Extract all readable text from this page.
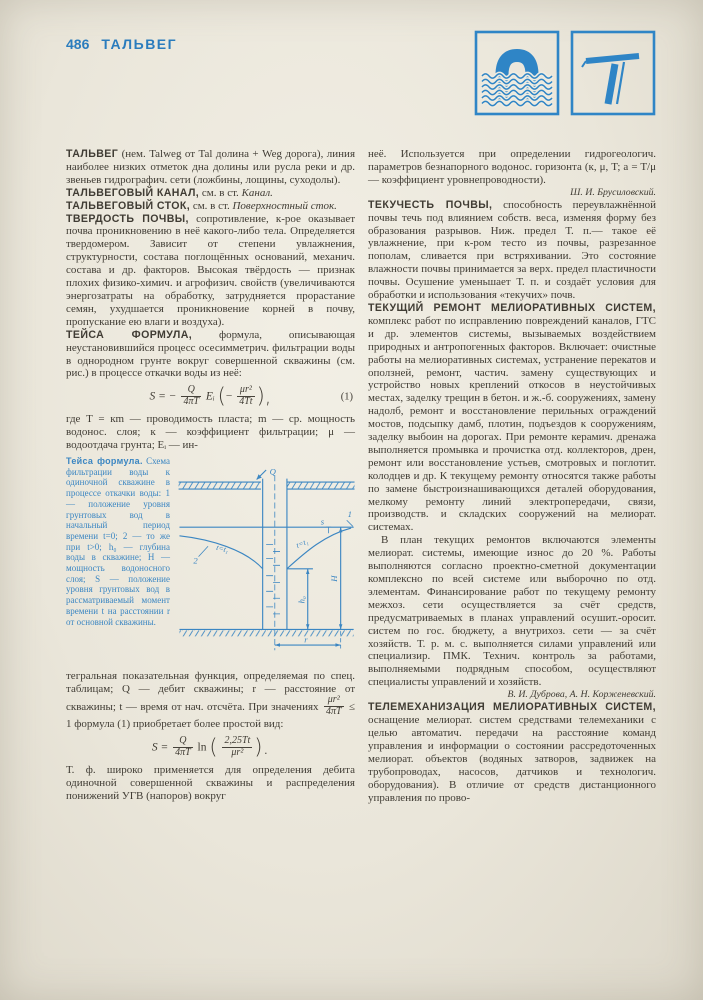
486 ТАЛЬВЕГ

ТАЛЬВЕГ (нем. Talweg от Tal долина + Weg дорога), линия наиболее низких отметок дна долины или русла реки и др. звеньев гидрографич. сети (ложбины, лощины, суходолы).

ТАЛЬВЕГОВЫЙ КАНАЛ, см. в ст. Канал.

ТАЛЬВЕГОВЫЙ СТОК, см. в ст. Поверхностный сток.

ТВЕРДОСТЬ ПОЧВЫ, сопротивление, к-рое оказывает почва проникновению в неё какого-либо тела. Определяется твердомером. Зависит от степени увлажнения, структурности, состава поглощённых оснований, механич. состава и др. факторов. Высокая твёрдость — признак плохих физико-химич. и агрофизич. свойств (увеличиваются энергозатраты на обработку, затрудняется прорастание семян, ухудшается проникновение корней в почву, пропускание ею влаги и воздуха).

ТЕЙСА ФОРМУЛА, формула, описывающая неустановившийся процесс осесимметрич. фильтрации воды в однородном грунте вокруг совершенной скважины (см. рис.) в процессе откачки воды из неё:

S = − $\frac{Q}{4\pi T}$ Eᵢ (− $\frac{\text{μr²}}{4Tt}$ ),	(1)

где T = кm — проводимость пласта; m — ср. мощность водонос. слоя; к — коэффициент фильтрации; μ — водоотдача грунта; Eᵢ — ин-

Тейса формула. Схема фильтрации воды к одиночной скважине в процессе откачки воды: 1 — положение уровня грунтовых вод в начальный период времени t=0; 2 — то же при t>0; h₀ — глубина воды в скважине; H — мощность водоносного слоя; S — положение уровня грунтовых вод в рассматриваемый момент времени t на расстоянии r от основной скважины.
Q
1
2
t=t₁	t=t₁
s
H
h₀
r

тегральная показательная функция, определяемая по спец. таблицам; Q — дебит скважины; r — расстояние от скважины; t — время от нач. отсчёта. При значениях $\frac{\text{μr²}}{4\pi T} \le 1$ формула (1) приобретает более простой вид:

$S = \frac{Q}{4\pi T}$ ln ( $\frac{2,25Tt}{\text{μr²}}$ ).

Т. ф. широко применяется для определения дебита одиночной совершенной скважины и распределения понижений УГВ (напоров) вокруг

неё. Используется при определении гидрогеологич. параметров безнапорного водонос. горизонта (к, μ, T; a = T/μ — коэффициент уровнепроводности).

Ш. И. Брусиловский.

ТЕКУЧЕСТЬ ПОЧВЫ, способность переувлажнённой почвы течь под влиянием собств. веса, изменяя форму без образования разрывов. Ниж. предел Т. п.— такое её увлажнение, при к-ром тесто из почвы, разрезанное пополам, сливается при встряхивании. Это состояние влажности почвы принимается за верх. предел пластичности почвы. Осушение уменьшает Т. п. и создаёт условия для обработки и использования «текучих» почв.

ТЕКУЩИЙ РЕМОНТ МЕЛИОРАТИВНЫХ СИСТЕМ, комплекс работ по исправлению повреждений каналов, ГТС и др. элементов системы, вызываемых воздействием природных и антропогенных факторов. Включает: очистные работы на мелиоративных системах, устранение перекатов и оползней, ремонт, частич. замену существующих и устройство новых креплений откосов в неустойчивых местах, заделку трещин в бетон. и ж.-б. сооружениях, замену надолб, ремонт и восстановление перильных ограждений мостов, подсыпку дамб, плотин, подъездов к сооружениям, заделку выбоин на дорогах. При ремонте керамич. дренажа выполняется промывка и прочистка отд. коллекторов, дрен, ремонт или восстановление устьев, смотровых и поглотит. колодцев и др. К текущему ремонту относятся также работы по замене быстроизнашивающихся деталей оборудования, мелкому ремонту линий электропередачи, связи, производств. и складских сооружений на мелиорат. системах.

В план текущих ремонтов включаются элементы мелиорат. системы, имеющие износ до 20 %. Работы выполняются согласно проектно-сметной документации комплексно по всей системе или выборочно по отд. элементам. Финансирование работ по текущему ремонту межхоз. сети осуществляется за счёт средств, предусматриваемых в планах управлений осушит.-оросит. систем по гос. бюджету, а внутрихоз. сети — за счёт хозяйств. Т. р. м. с. выполняется силами управлений или специализир. ПМК. Технич. контроль за работами, выполняемыми подрядным способом, осуществляют специалисты управлений и хозяйств.

В. И. Дуброва, А. Н. Корженевский.

ТЕЛЕМЕХАНИЗАЦИЯ МЕЛИОРАТИВНЫХ СИСТЕМ, оснащение мелиорат. систем средствами телемеханики с целью автоматич. передачи на расстояние команд управления и информации о состоянии рассредоточенных мелиорат. объектов (водяных затворов, задвижек на трубопроводах, насосов, датчиков и технологич. оборудования). В отличие от средств дистанционного управления по прово-
